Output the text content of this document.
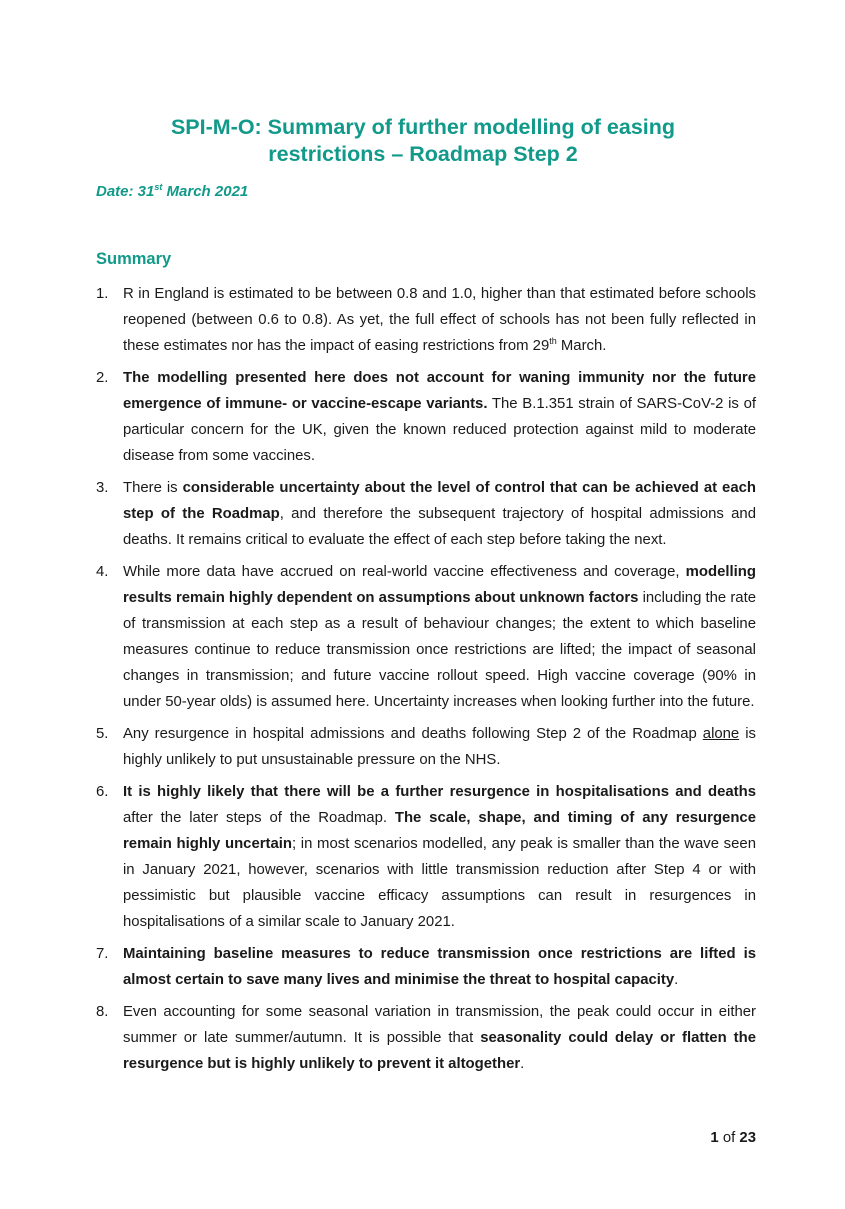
SPI-M-O: Summary of further modelling of easing
restrictions – Roadmap Step 2
Date: 31st March 2021
Summary
1. R in England is estimated to be between 0.8 and 1.0, higher than that estimated before schools reopened (between 0.6 to 0.8). As yet, the full effect of schools has not been fully reflected in these estimates nor has the impact of easing restrictions from 29th March.
2. The modelling presented here does not account for waning immunity nor the future emergence of immune- or vaccine-escape variants. The B.1.351 strain of SARS-CoV-2 is of particular concern for the UK, given the known reduced protection against mild to moderate disease from some vaccines.
3. There is considerable uncertainty about the level of control that can be achieved at each step of the Roadmap, and therefore the subsequent trajectory of hospital admissions and deaths. It remains critical to evaluate the effect of each step before taking the next.
4. While more data have accrued on real-world vaccine effectiveness and coverage, modelling results remain highly dependent on assumptions about unknown factors including the rate of transmission at each step as a result of behaviour changes; the extent to which baseline measures continue to reduce transmission once restrictions are lifted; the impact of seasonal changes in transmission; and future vaccine rollout speed. High vaccine coverage (90% in under 50-year olds) is assumed here. Uncertainty increases when looking further into the future.
5. Any resurgence in hospital admissions and deaths following Step 2 of the Roadmap alone is highly unlikely to put unsustainable pressure on the NHS.
6. It is highly likely that there will be a further resurgence in hospitalisations and deaths after the later steps of the Roadmap. The scale, shape, and timing of any resurgence remain highly uncertain; in most scenarios modelled, any peak is smaller than the wave seen in January 2021, however, scenarios with little transmission reduction after Step 4 or with pessimistic but plausible vaccine efficacy assumptions can result in resurgences in hospitalisations of a similar scale to January 2021.
7. Maintaining baseline measures to reduce transmission once restrictions are lifted is almost certain to save many lives and minimise the threat to hospital capacity.
8. Even accounting for some seasonal variation in transmission, the peak could occur in either summer or late summer/autumn. It is possible that seasonality could delay or flatten the resurgence but is highly unlikely to prevent it altogether.
1 of 23
